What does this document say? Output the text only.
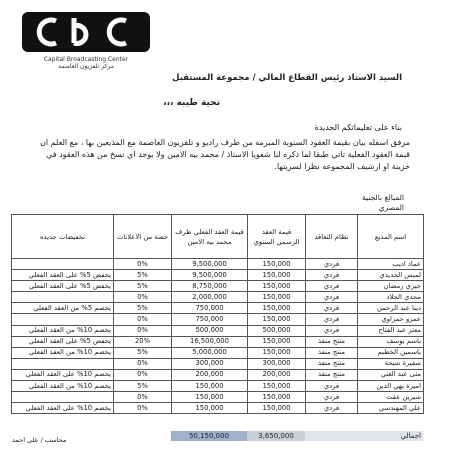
Capital Broadcasting Center
مركز تلفزيون العاصمة
السيد الاستاذ رئيس القطاع المالي / مجموعة المستقبل
تحية طيبه ،،،
بناء على تعليماتكم الجديدة
مرفق اسفله بيان بقيمة العقود السنوية المبرمه من طرف راديو و تلفزيون العاصمة مع المذيعين بها ، مع العلم ان قيمة العقود الفعلية تاتي طبقا لما ذكره لنا شفويا الاستاذ / محمد بيه الامين ولا يوجد اي نسخ من هذه العقود في خزينة او ارشيف المجموعه نظرا لسريتها.
المبالغ بالجنية
المصري
اسم المذيع	نظام التعاقد	قيمة العقد الرسمي السنوي	قيمة العقد الفعلي طرف محمد بيه الامين	حصة من الاعلانات	تخفيضات جديده
عماد اديب	فردي	150,000	9,500,000	0%	
لميس الحديدي	فردي	150,000	9,500,000	5%	يخفض 5% على العقد الفعلي
خيري رمضان	فردي	150,000	8,750,000	5%	يخفض 5% على العقد الفعلي
مجدي الجلاد	فردي	150,000	2,000,000	0%	
دينا عبد الرحمن	فردي	150,000	750,000	5%	يخصم 5% من العقد الفعلي
عمرو حمزاوي	فردي	150,000	750,000	0%	
معتز عبد الفتاح	فردي	500,000	500,000	0%	يخصم 10% من العقد الفعلي
باسم يوسف	منتج منفذ	150,000	16,500,000	20%	يخفض 5% على العقد الفعلي
ياسمين الخطيم	منتج منفذ	150,000	5,000,000	5%	يخصم 10% من العقد الفعلي
سفيرة شيحة	منتج منفذ	300,000	300,000	0%	
منى عبد الغني	منتج منفذ	200,000	200,000	0%	يخصم 10% على العقد الفعلي
اميرة بهي الدين	فردي	150,000	150,000	5%	يخصم 10% من العقد الفعلي
شيرين عفت	فردي	150,000	150,000	0%	
علي المهندسي	فردي	150,000	150,000	0%	يخصم 10% على العقد الفعلي
اجمالي		3,650,000	50,150,000		
محاسب / على احمد
